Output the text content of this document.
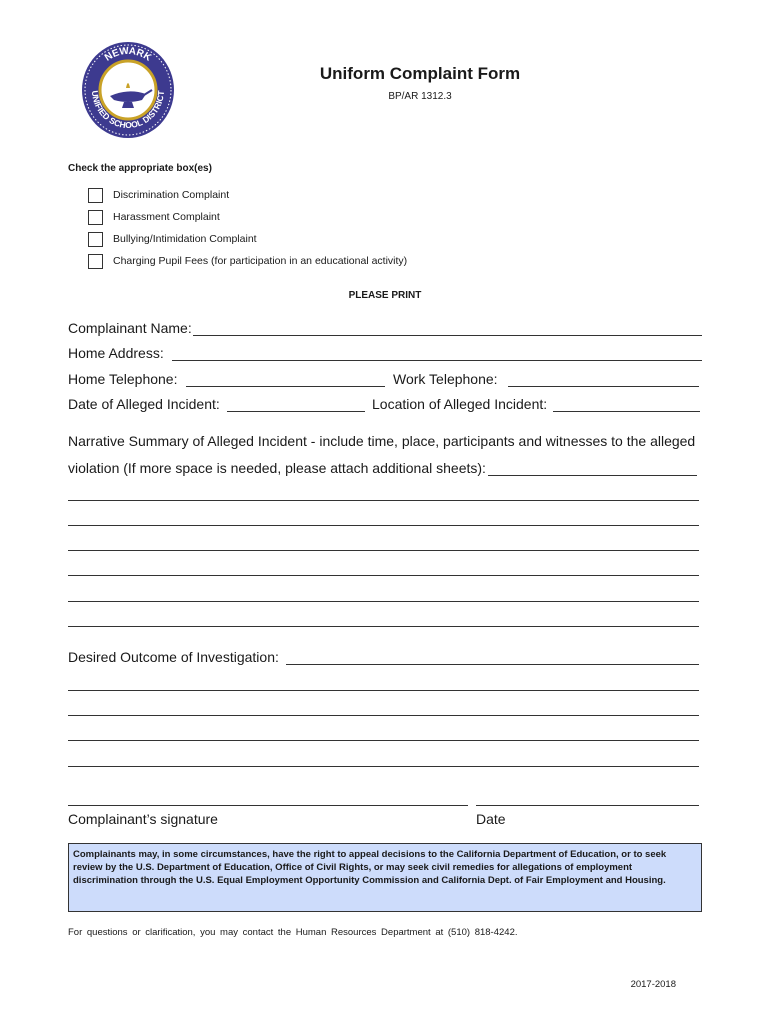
NEWARK
UNIFIED SCHOOL DISTRICT
Uniform Complaint Form
BP/AR 1312.3
Check the appropriate box(es)
Discrimination Complaint
Harassment Complaint
Bullying/Intimidation Complaint
Charging Pupil Fees (for participation in an educational activity)
PLEASE PRINT
Complainant Name:
Home Address:
Home Telephone:	Work Telephone:
Date of Alleged Incident:	Location of Alleged Incident:
Narrative Summary of Alleged Incident - include time, place, participants and witnesses to the alleged
violation (If more space is needed, please attach additional sheets):
Desired Outcome of Investigation:
Complainant’s signature	Date
Complainants may, in some circumstances, have the right to appeal decisions to the California Department of Education, or to seek review by the U.S. Department of Education, Office of Civil Rights, or may seek civil remedies for allegations of employment discrimination through the U.S. Equal Employment Opportunity Commission and California Dept. of Fair Employment and Housing.
For questions or clarification, you may contact the Human Resources Department at (510) 818-4242.
2017-2018
